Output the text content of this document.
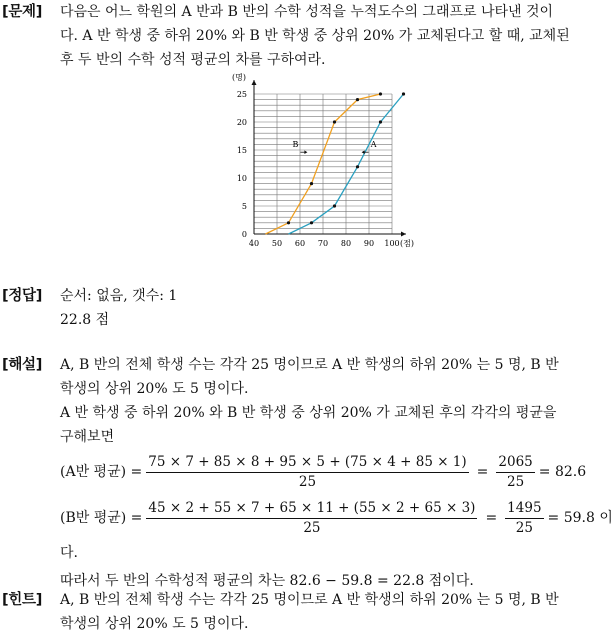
[문제] 다음은 어느 학원의 A 반과 B 반의 수학 성적을 누적도수의 그래프로 나타낸 것이
다. A 반 학생 중 하위 20% 와 B 반 학생 중 상위 20% 가 교체된다고 할 때, 교체된
후 두 반의 수학 성적 평균의 차를 구하여라.
40 50 60 70 80 90 100
0
5
10
15
20
25
B	A
(명)
(점)
[정답] 순서: 없음, 갯수: 1
22.8 점
[해설] A, B 반의 전체 학생 수는 각각 25 명이므로 A 반 학생의 하위 20% 는 5 명, B 반
학생의 상위 20% 도 5 명이다.
A 반 학생 중 하위 20% 와 B 반 학생 중 상위 20% 가 교체된 후의 각각의 평균을
구해보면
(A반 평균) = $\frac{75 \times 7 + 85 \times 8 + 95 \times 5 + (75 \times 4 + 85 \times 1)}{25} = \frac{2065}{25} = 82.6$
(B반 평균) = $\frac{45 \times 2 + 55 \times 7 + 65 \times 11 + (55 \times 2 + 65 \times 3)}{25} = \frac{1495}{25} = 59.8$ 이
다.
따라서 두 반의 수학성적 평균의 차는 82.6 − 59.8 = 22.8 점이다.
[힌트] A, B 반의 전체 학생 수는 각각 25 명이므로 A 반 학생의 하위 20% 는 5 명, B 반
학생의 상위 20% 도 5 명이다.
